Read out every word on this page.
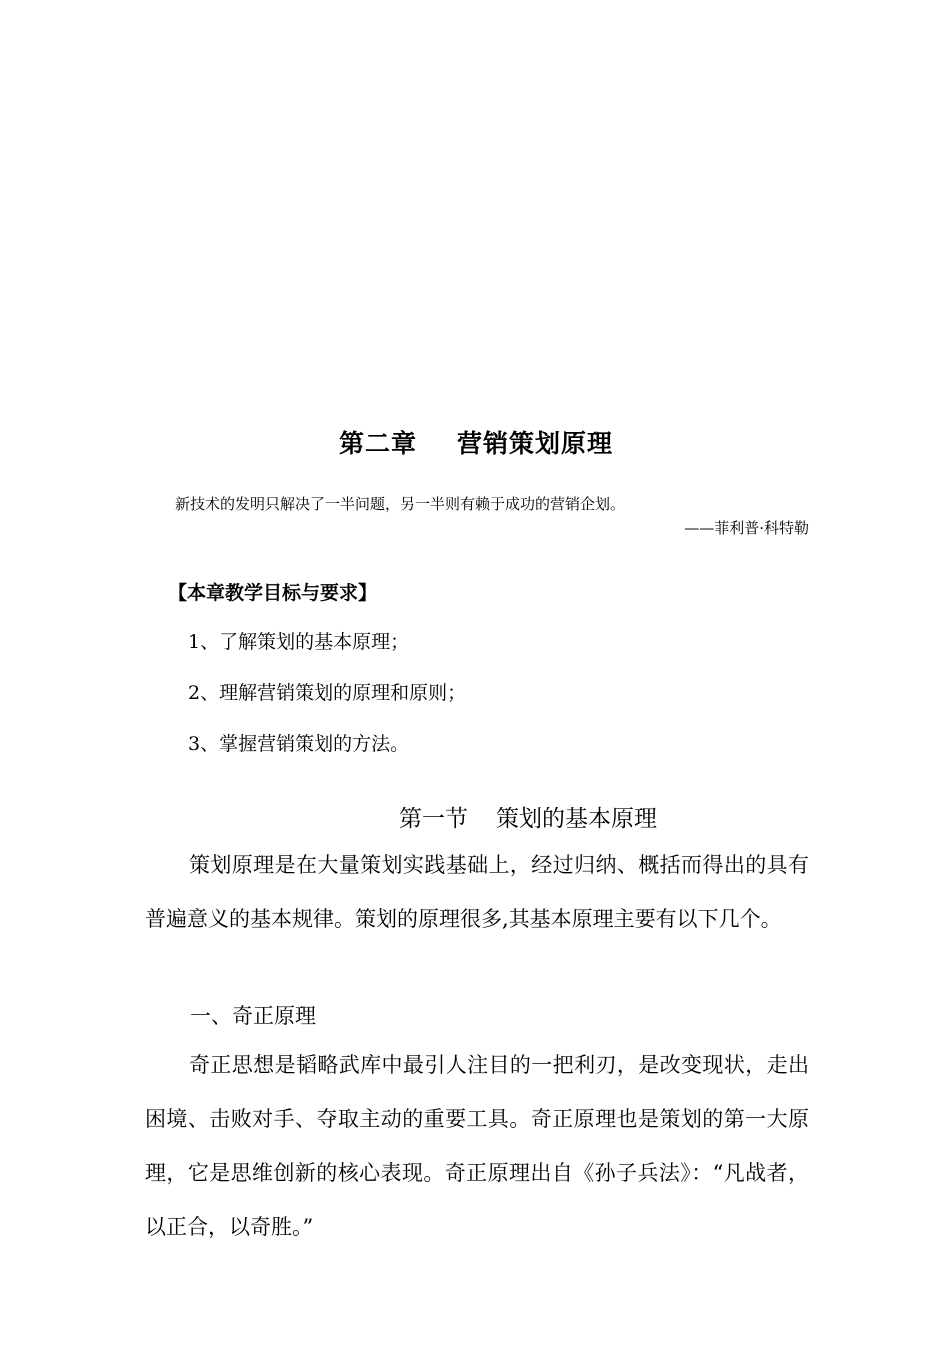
第二章 营销策划原理
新技术的发明只解决了一半问题，另一半则有赖于成功的营销企划。
——菲利普·科特勒
【本章教学目标与要求】
1、了解策划的基本原理；
2、理解营销策划的原理和原则；
3、掌握营销策划的方法。
第一节 策划的基本原理

策划原理是在大量策划实践基础上，经过归纳、概括而得出的具有普遍意义的基本规律。策划的原理很多,其基本原理主要有以下几个。

一、奇正原理

奇正思想是韬略武库中最引人注目的一把利刃，是改变现状，走出困境、击败对手、夺取主动的重要工具。奇正原理也是策划的第一大原理，它是思维创新的核心表现。奇正原理出自《孙子兵法》：“凡战者，以正合，以奇胜。”
